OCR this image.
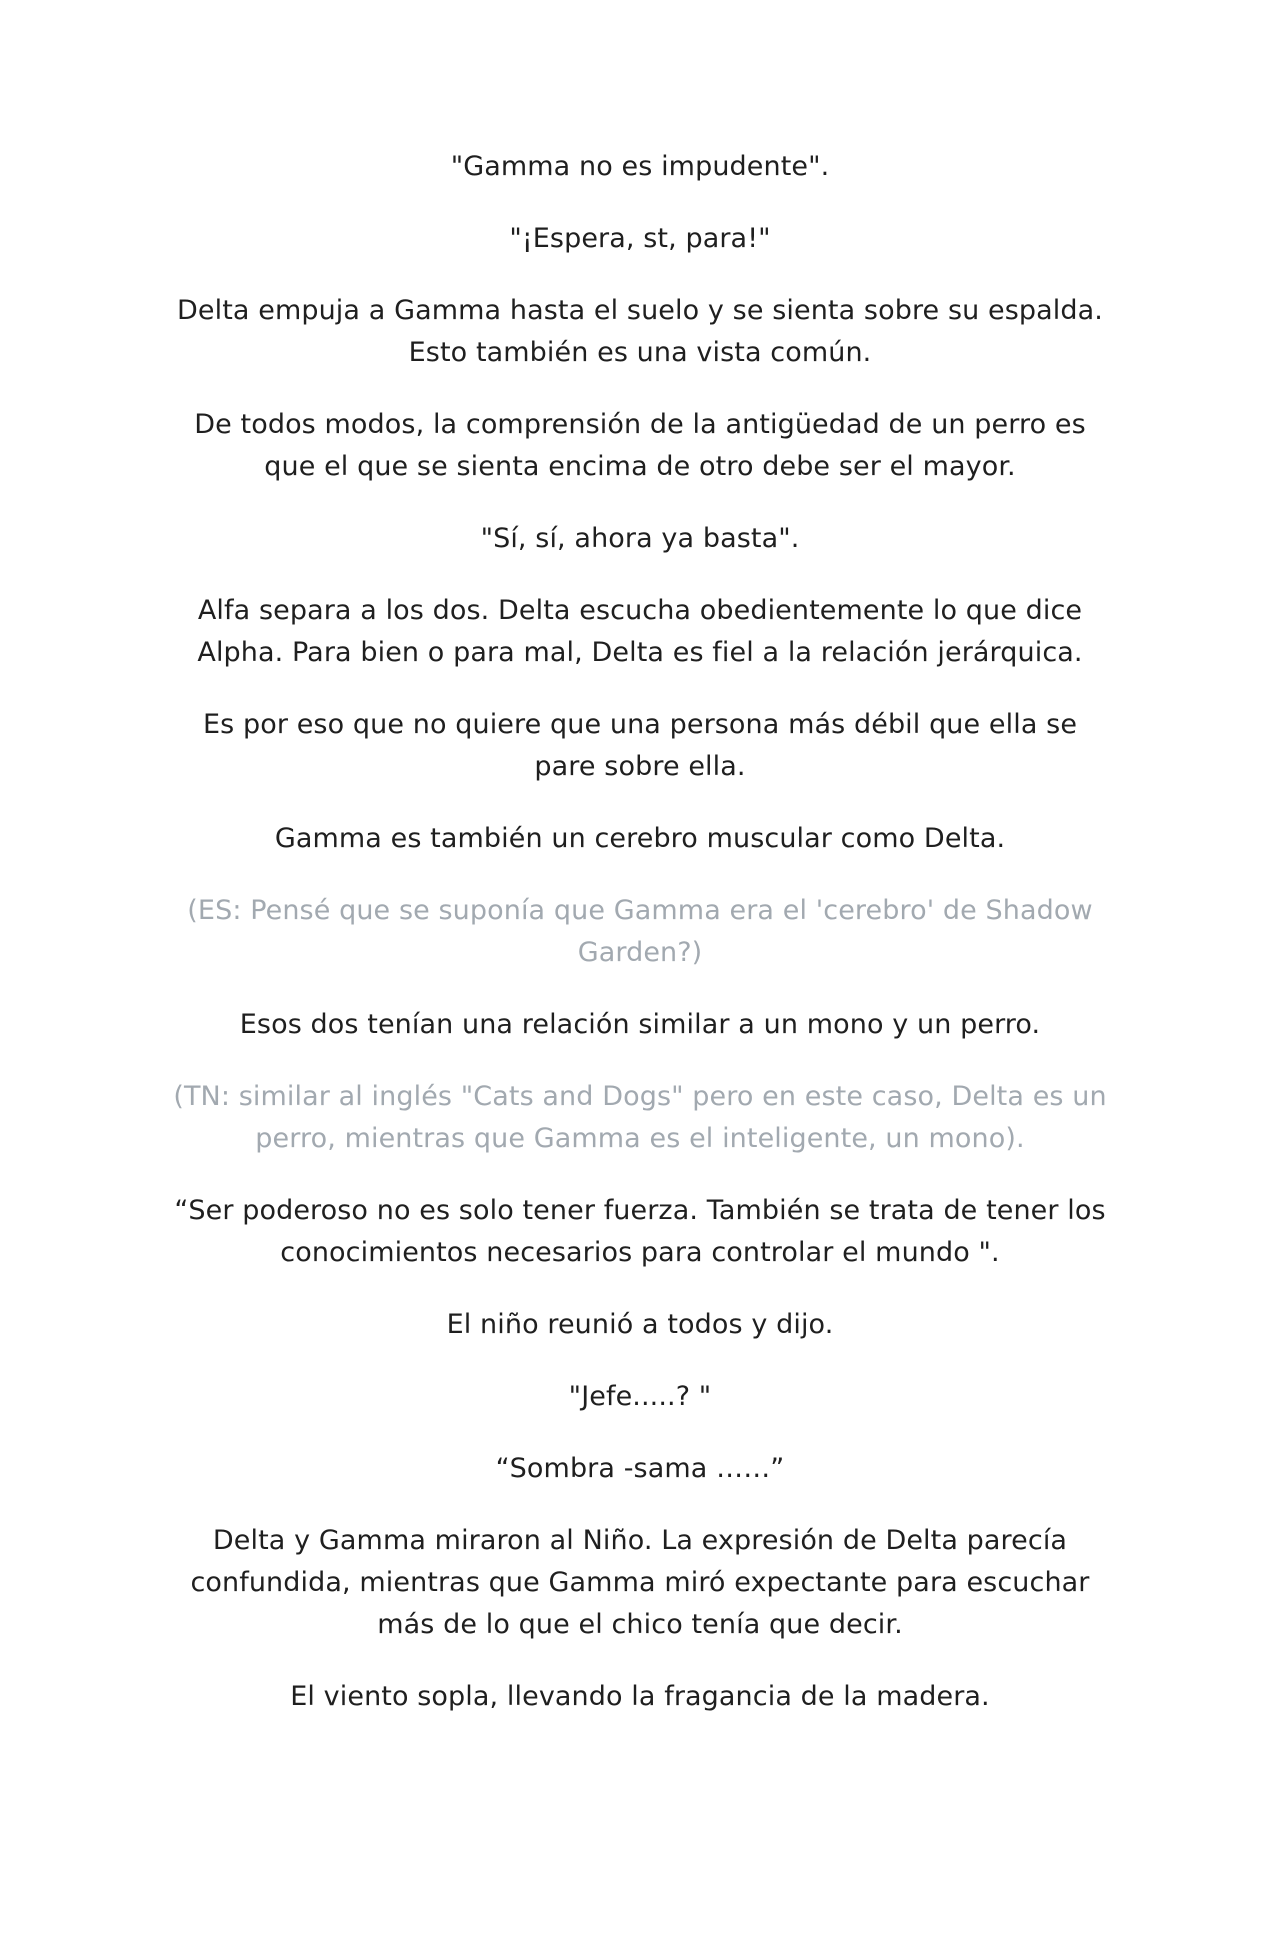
"Gamma no es impudente".

"¡Espera, st, para!"

Delta empuja a Gamma hasta el suelo y se sienta sobre su espalda. Esto también es una vista común.

De todos modos, la comprensión de la antigüedad de un perro es que el que se sienta encima de otro debe ser el mayor.

"Sí, sí, ahora ya basta".

Alfa separa a los dos. Delta escucha obedientemente lo que dice Alpha. Para bien o para mal, Delta es fiel a la relación jerárquica.

Es por eso que no quiere que una persona más débil que ella se pare sobre ella.

Gamma es también un cerebro muscular como Delta.

(ES: Pensé que se suponía que Gamma era el 'cerebro' de Shadow Garden?)

Esos dos tenían una relación similar a un mono y un perro.

(TN: similar al inglés "Cats and Dogs" pero en este caso, Delta es un perro, mientras que Gamma es el inteligente, un mono).

“Ser poderoso no es solo tener fuerza. También se trata de tener los conocimientos necesarios para controlar el mundo ".

El niño reunió a todos y dijo.

"Jefe.....? "

“Sombra -sama ……”

Delta y Gamma miraron al Niño. La expresión de Delta parecía confundida, mientras que Gamma miró expectante para escuchar más de lo que el chico tenía que decir.

El viento sopla, llevando la fragancia de la madera.
